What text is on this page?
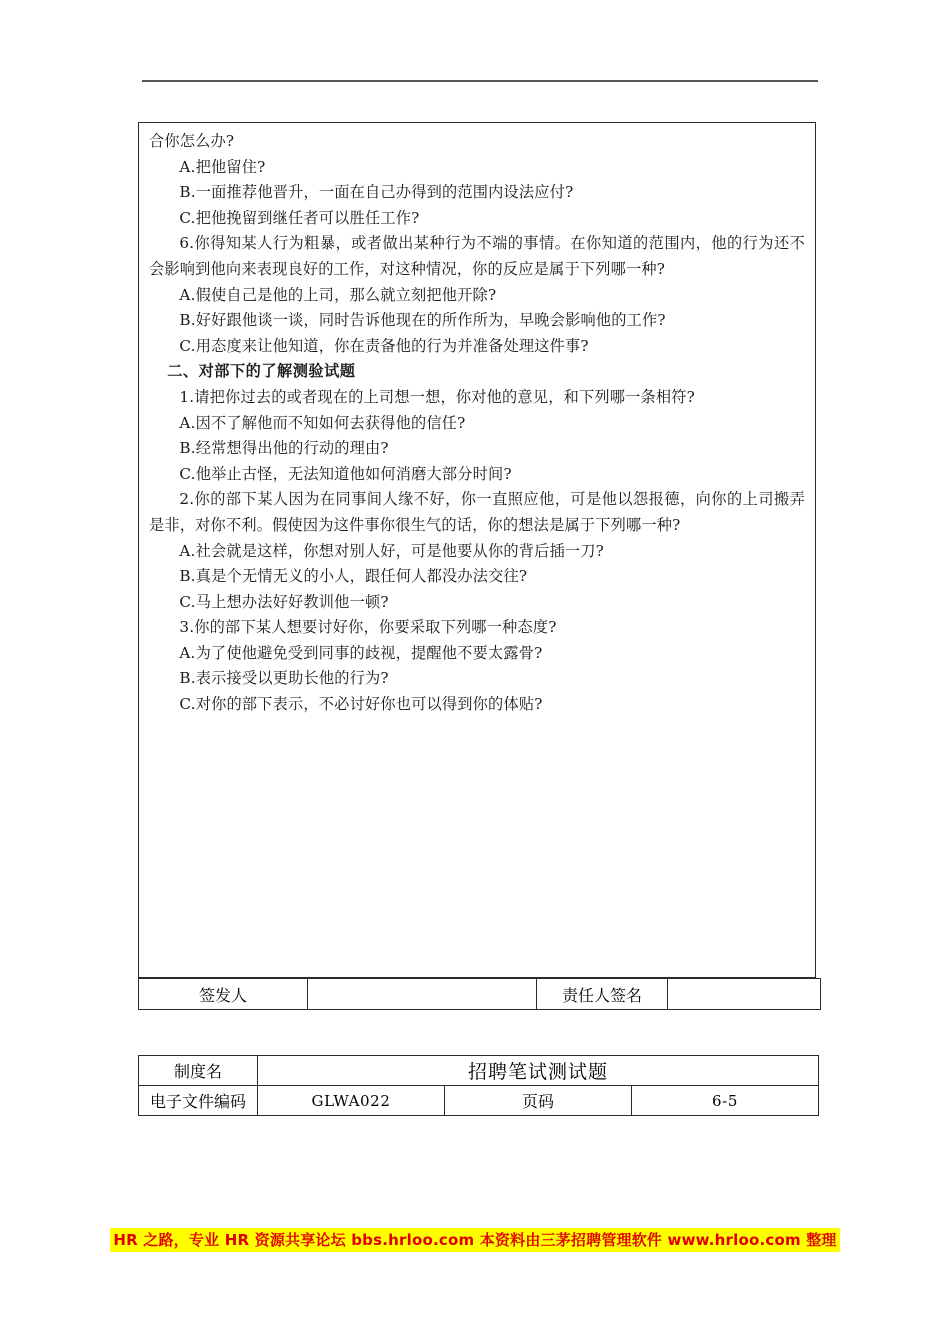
合你怎么办?

A.把他留住?

B.一面推荐他晋升，一面在自己办得到的范围内设法应付?

C.把他挽留到继任者可以胜任工作?

6.你得知某人行为粗暴，或者做出某种行为不端的事情。在你知道的范围内，他的行为还不 会影响到他向来表现良好的工作，对这种情况，你的反应是属于下列哪一种?

A.假使自己是他的上司，那么就立刻把他开除?

B.好好跟他谈一谈，同时告诉他现在的所作所为，早晚会影响他的工作?

C.用态度来让他知道，你在责备他的行为并准备处理这件事?

二、对部下的了解测验试题

1.请把你过去的或者现在的上司想一想，你对他的意见，和下列哪一条相符?

A.因不了解他而不知如何去获得他的信任?

B.经常想得出他的行动的理由?

C.他举止古怪，无法知道他如何消磨大部分时间?

2.你的部下某人因为在同事间人缘不好，你一直照应他，可是他以怨报德，向你的上司搬弄 是非，对你不利。假使因为这件事你很生气的话，你的想法是属于下列哪一种?

A.社会就是这样，你想对别人好，可是他要从你的背后插一刀?

B.真是个无情无义的小人，跟任何人都没办法交往?

C.马上想办法好好教训他一顿?

3.你的部下某人想要讨好你，你要采取下列哪一种态度?

A.为了使他避免受到同事的歧视，提醒他不要太露骨?

B.表示接受以更助长他的行为?

C.对你的部下表示，不必讨好你也可以得到你的体贴?

签发人		责任人签名	
制度名	招聘笔试测试题		
电子文件编码	GLWA022	页码	6-5
HR 之路，专业 HR 资源共享论坛 bbs.hrloo.com 本资料由三茅招聘管理软件 www.hrloo.com 整理
